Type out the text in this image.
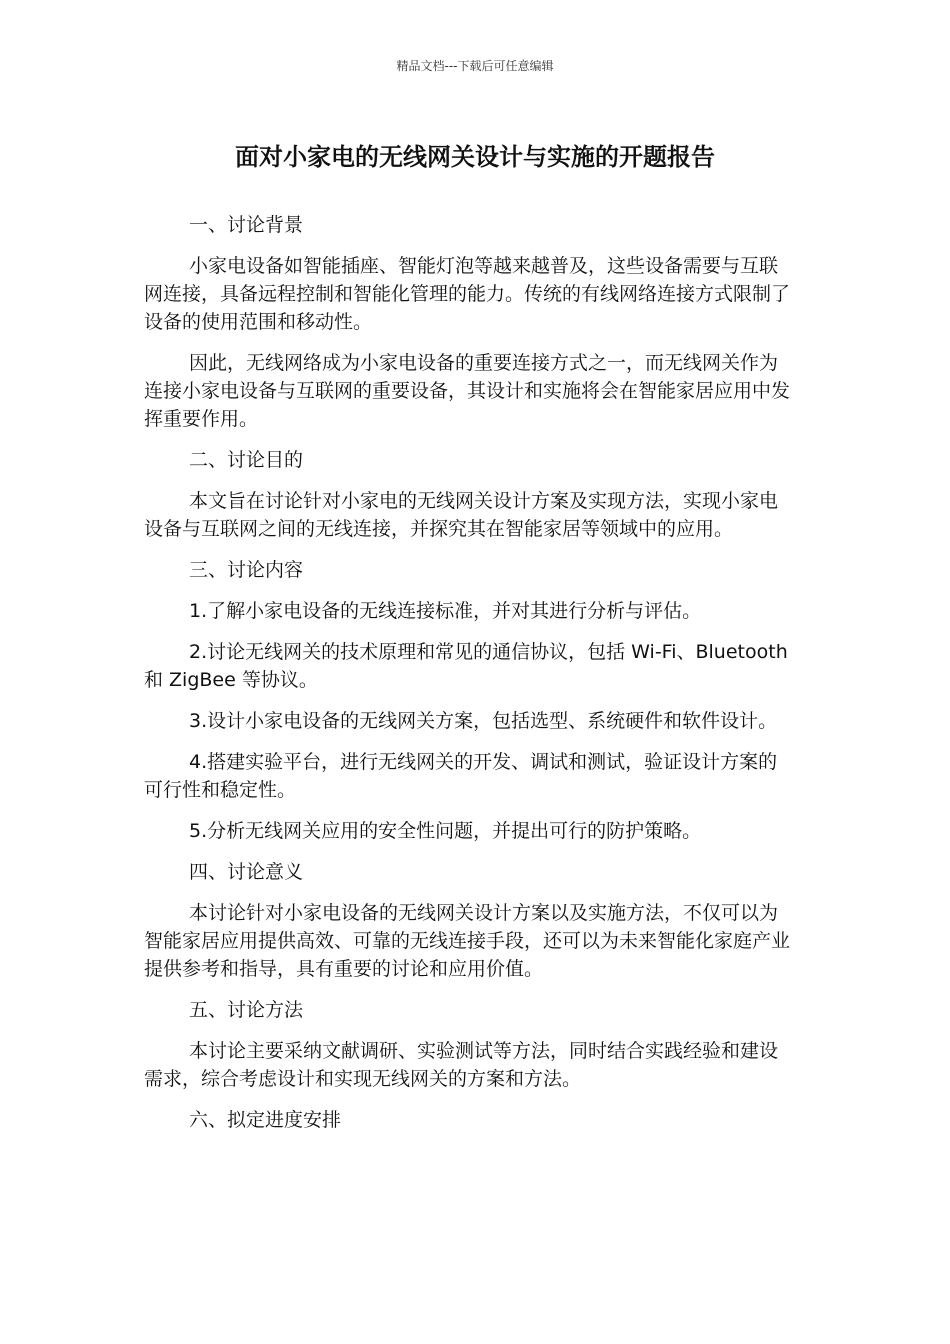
精品文档---下载后可任意编辑
面对小家电的无线网关设计与实施的开题报告

一、讨论背景

小家电设备如智能插座、智能灯泡等越来越普及，这些设备需要与互联网连接，具备远程控制和智能化管理的能力。传统的有线网络连接方式限制了设备的使用范围和移动性。

因此，无线网络成为小家电设备的重要连接方式之一，而无线网关作为连接小家电设备与互联网的重要设备，其设计和实施将会在智能家居应用中发挥重要作用。

二、讨论目的

本文旨在讨论针对小家电的无线网关设计方案及实现方法，实现小家电设备与互联网之间的无线连接，并探究其在智能家居等领域中的应用。

三、讨论内容

1.了解小家电设备的无线连接标准，并对其进行分析与评估。

2.讨论无线网关的技术原理和常见的通信协议，包括 Wi-Fi、Bluetooth 和 ZigBee 等协议。

3.设计小家电设备的无线网关方案，包括选型、系统硬件和软件设计。

4.搭建实验平台，进行无线网关的开发、调试和测试，验证设计方案的可行性和稳定性。

5.分析无线网关应用的安全性问题，并提出可行的防护策略。

四、讨论意义

本讨论针对小家电设备的无线网关设计方案以及实施方法，不仅可以为智能家居应用提供高效、可靠的无线连接手段，还可以为未来智能化家庭产业提供参考和指导，具有重要的讨论和应用价值。

五、讨论方法

本讨论主要采纳文献调研、实验测试等方法，同时结合实践经验和建设需求，综合考虑设计和实现无线网关的方案和方法。

六、拟定进度安排
